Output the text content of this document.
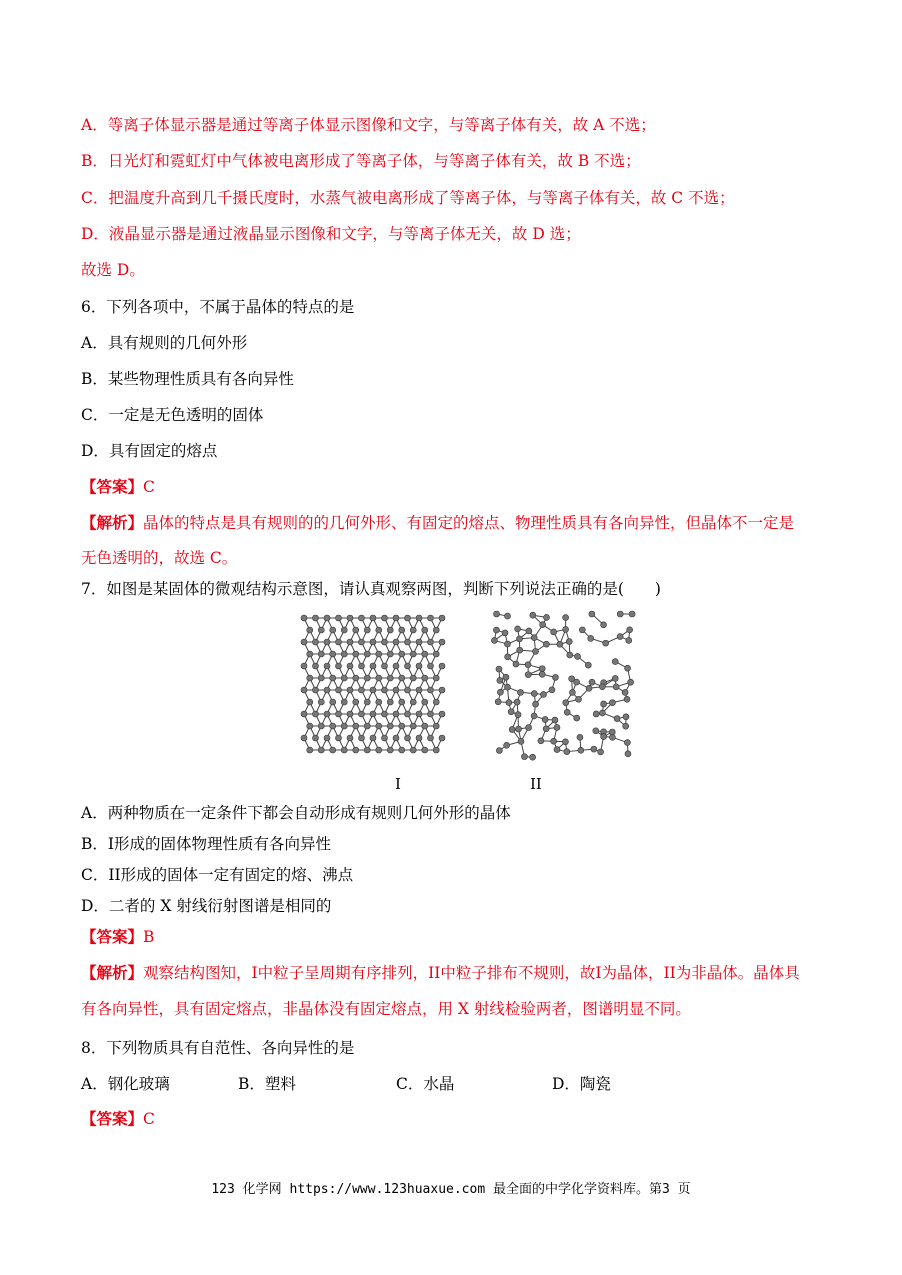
A．等离子体显示器是通过等离子体显示图像和文字，与等离子体有关，故 A 不选；
B．日光灯和霓虹灯中气体被电离形成了等离子体，与等离子体有关，故 B 不选；
C．把温度升高到几千摄氏度时，水蒸气被电离形成了等离子体，与等离子体有关，故 C 不选；
D．液晶显示器是通过液晶显示图像和文字，与等离子体无关，故 D 选；
故选 D。
6．下列各项中，不属于晶体的特点的是
A．具有规则的几何外形
B．某些物理性质具有各向异性
C．一定是无色透明的固体
D．具有固定的熔点
【答案】C
【解析】晶体的特点是具有规则的的几何外形、有固定的熔点、物理性质具有各向异性，但晶体不一定是
无色透明的，故选 C。
7．如图是某固体的微观结构示意图，请认真观察两图，判断下列说法正确的是(　　)
I	II
A．两种物质在一定条件下都会自动形成有规则几何外形的晶体
B．I形成的固体物理性质有各向异性
C．II形成的固体一定有固定的熔、沸点
D．二者的 X 射线衍射图谱是相同的
【答案】B
【解析】观察结构图知，I中粒子呈周期有序排列，II中粒子排布不规则，故I为晶体，II为非晶体。晶体具
有各向异性，具有固定熔点，非晶体没有固定熔点，用 X 射线检验两者，图谱明显不同。
8．下列物质具有自范性、各向异性的是
A．钢化玻璃	B．塑料	C．水晶	D．陶瓷
【答案】C
123 化学网 https://www.123huaxue.com 最全面的中学化学资料库。第3 页
